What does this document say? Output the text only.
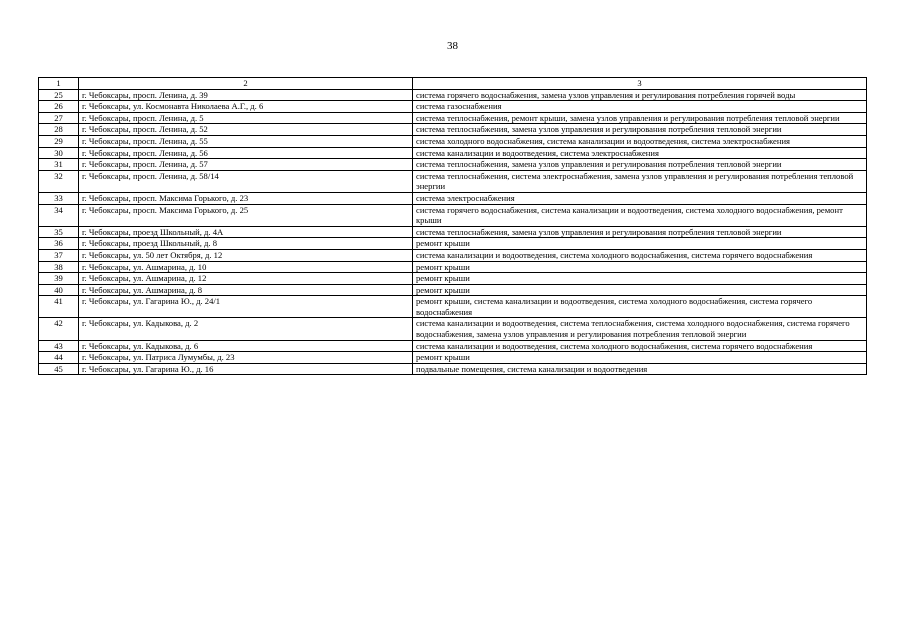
38
1	2	3
25	г. Чебоксары, просп. Ленина, д. 39	система горячего водоснабжения, замена узлов управления и регулирования потребления горячей воды
26	г. Чебоксары, ул. Космонавта Николаева А.Г., д. 6	система газоснабжения
27	г. Чебоксары, просп. Ленина, д. 5	система теплоснабжения, ремонт крыши, замена узлов управления и регулирования потребления тепловой энергии
28	г. Чебоксары, просп. Ленина, д. 52	система теплоснабжения, замена узлов управления и регулирования потребления тепловой энергии
29	г. Чебоксары, просп. Ленина, д. 55	система холодного водоснабжения, система канализации и водоотведения, система электроснабжения
30	г. Чебоксары, просп. Ленина, д. 56	система канализации и водоотведения, система электроснабжения
31	г. Чебоксары, просп. Ленина, д. 57	система теплоснабжения, замена узлов управления и регулирования потребления тепловой энергии
32	г. Чебоксары, просп. Ленина, д. 58/14	система теплоснабжения, система электроснабжения, замена узлов управления и регулирования потребления тепловой энергии
33	г. Чебоксары, просп. Максима Горького, д. 23	система электроснабжения
34	г. Чебоксары, просп. Максима Горького, д. 25	система горячего водоснабжения, система канализации и водоотведения, система холодного водоснабжения, ремонт крыши
35	г. Чебоксары, проезд Школьный, д. 4А	система теплоснабжения, замена узлов управления и регулирования потребления тепловой энергии
36	г. Чебоксары, проезд Школьный, д. 8	ремонт крыши
37	г. Чебоксары, ул. 50 лет Октября, д. 12	система канализации и водоотведения, система холодного водоснабжения, система горячего водоснабжения
38	г. Чебоксары, ул. Ашмарина, д. 10	ремонт крыши
39	г. Чебоксары, ул. Ашмарина, д. 12	ремонт крыши
40	г. Чебоксары, ул. Ашмарина, д. 8	ремонт крыши
41	г. Чебоксары, ул. Гагарина Ю., д. 24/1	ремонт крыши, система канализации и водоотведения, система холодного водоснабжения, система горячего водоснабжения
42	г. Чебоксары, ул. Кадыкова, д. 2	система канализации и водоотведения, система теплоснабжения, система холодного водоснабжения, система горячего водоснабжения, замена узлов управления и регулирования потребления тепловой энергии
43	г. Чебоксары, ул. Кадыкова, д. 6	система канализации и водоотведения, система холодного водоснабжения, система горячего водоснабжения
44	г. Чебоксары, ул. Патриса Лумумбы, д. 23	ремонт крыши
45	г. Чебоксары, ул. Гагарина Ю., д. 16	подвальные помещения, система канализации и водоотведения
